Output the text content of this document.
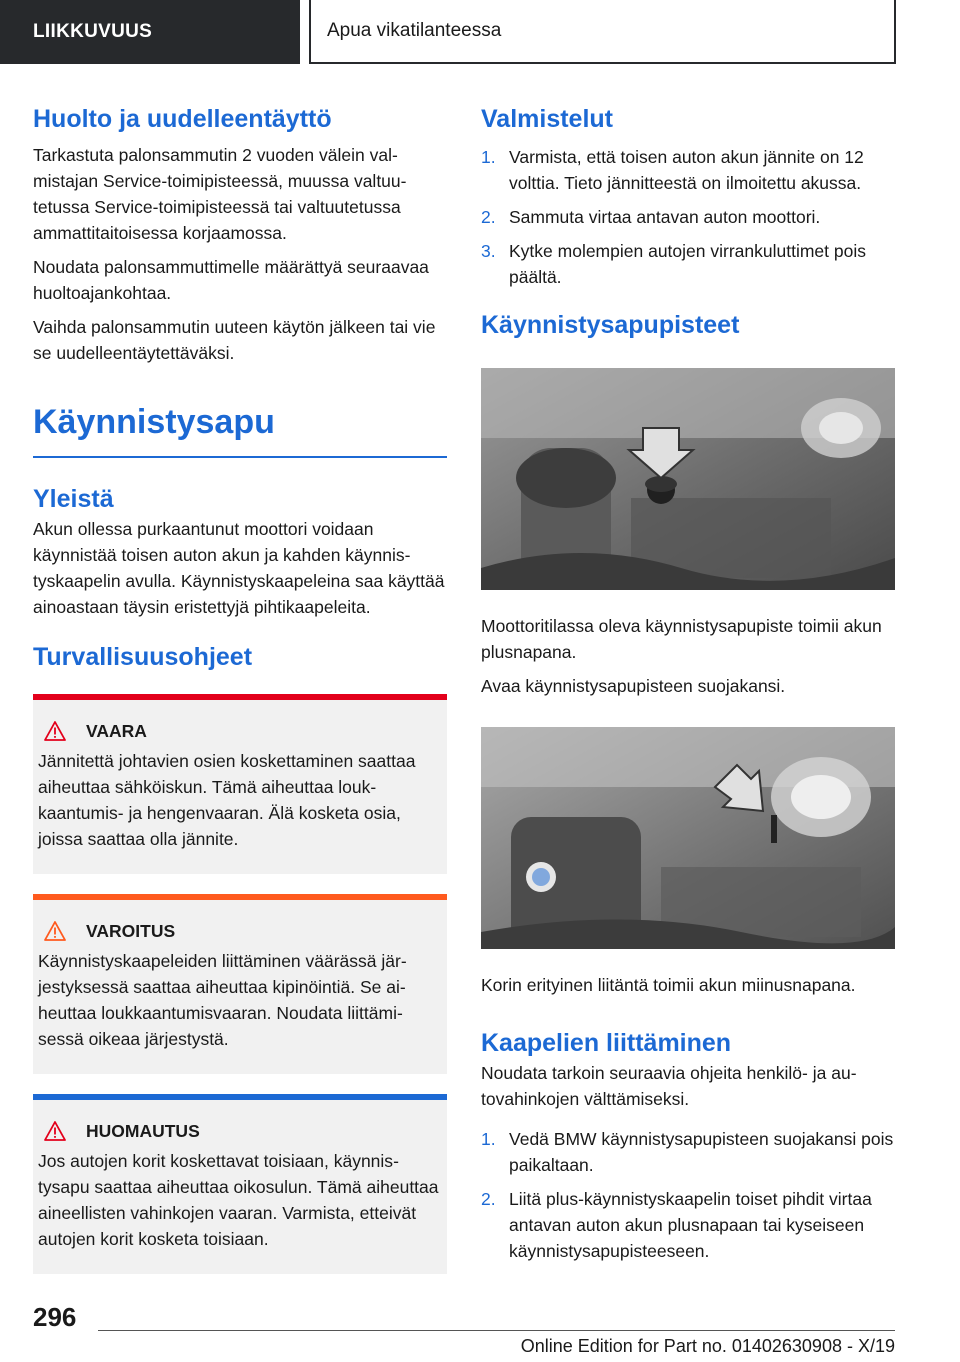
LIIKKUVUUS	Apua vikatilanteessa
Huolto ja uudelleentäyttö

Tarkastuta palonsammutin 2 vuoden välein valmistajan Service-toimipisteessä, muussa valtuutetussa Service-toimipisteessä tai valtuutetussa ammattitaitoisessa korjaamossa.

Noudata palonsammuttimelle määrättyä seuraavaa huoltoajankohtaa.

Vaihda palonsammutin uuteen käytön jälkeen tai vie se uudelleentäytettäväksi.

Käynnistysapu
Yleistä

Akun ollessa purkaantunut moottori voidaan käynnistää toisen auton akun ja kahden käynnistyskaapelin avulla. Käynnistyskaapeleina saa käyttää ainoastaan täysin eristettyjä pihtikaapeleita.

Turvallisuusohjeet
VAARA

Jännitettä johtavien osien koskettaminen saattaa aiheuttaa sähköiskun. Tämä aiheuttaa loukkaantumis- ja hengenvaaran. Älä kosketa osia, joissa saattaa olla jännite.

VAROITUS

Käynnistyskaapeleiden liittäminen väärässä järjestyksessä saattaa aiheuttaa kipinöintiä. Se aiheuttaa loukkaantumisvaaran. Noudata liittämisessä oikeaa järjestystä.

HUOMAUTUS

Jos autojen korit koskettavat toisiaan, käynnistysapu saattaa aiheuttaa oikosulun. Tämä aiheuttaa aineellisten vahinkojen vaaran. Varmista, etteivät autojen korit kosketa toisiaan.

Valmistelut
1. Varmista, että toisen auton akun jännite on 12 volttia. Tieto jännitteestä on ilmoitettu akussa.
2. Sammuta virtaa antavan auton moottori.
3. Kytke molempien autojen virrankuluttimet pois päältä.
Käynnistysapupisteet

Moottoritilassa oleva käynnistysapupiste toimii akun plusnapana.

Avaa käynnistysapupisteen suojakansi.

Korin erityinen liitäntä toimii akun miinusnapana.

Kaapelien liittäminen

Noudata tarkoin seuraavia ohjeita henkilö- ja autovahinkojen välttämiseksi.

1. Vedä BMW käynnistysapupisteen suojakansi pois paikaltaan.
2. Liitä plus-käynnistyskaapelin toiset pihdit virtaa antavan auton akun plusnapaan tai kyseiseen käynnistysapupisteeseen.
296
Online Edition for Part no. 01402630908 - X/19
